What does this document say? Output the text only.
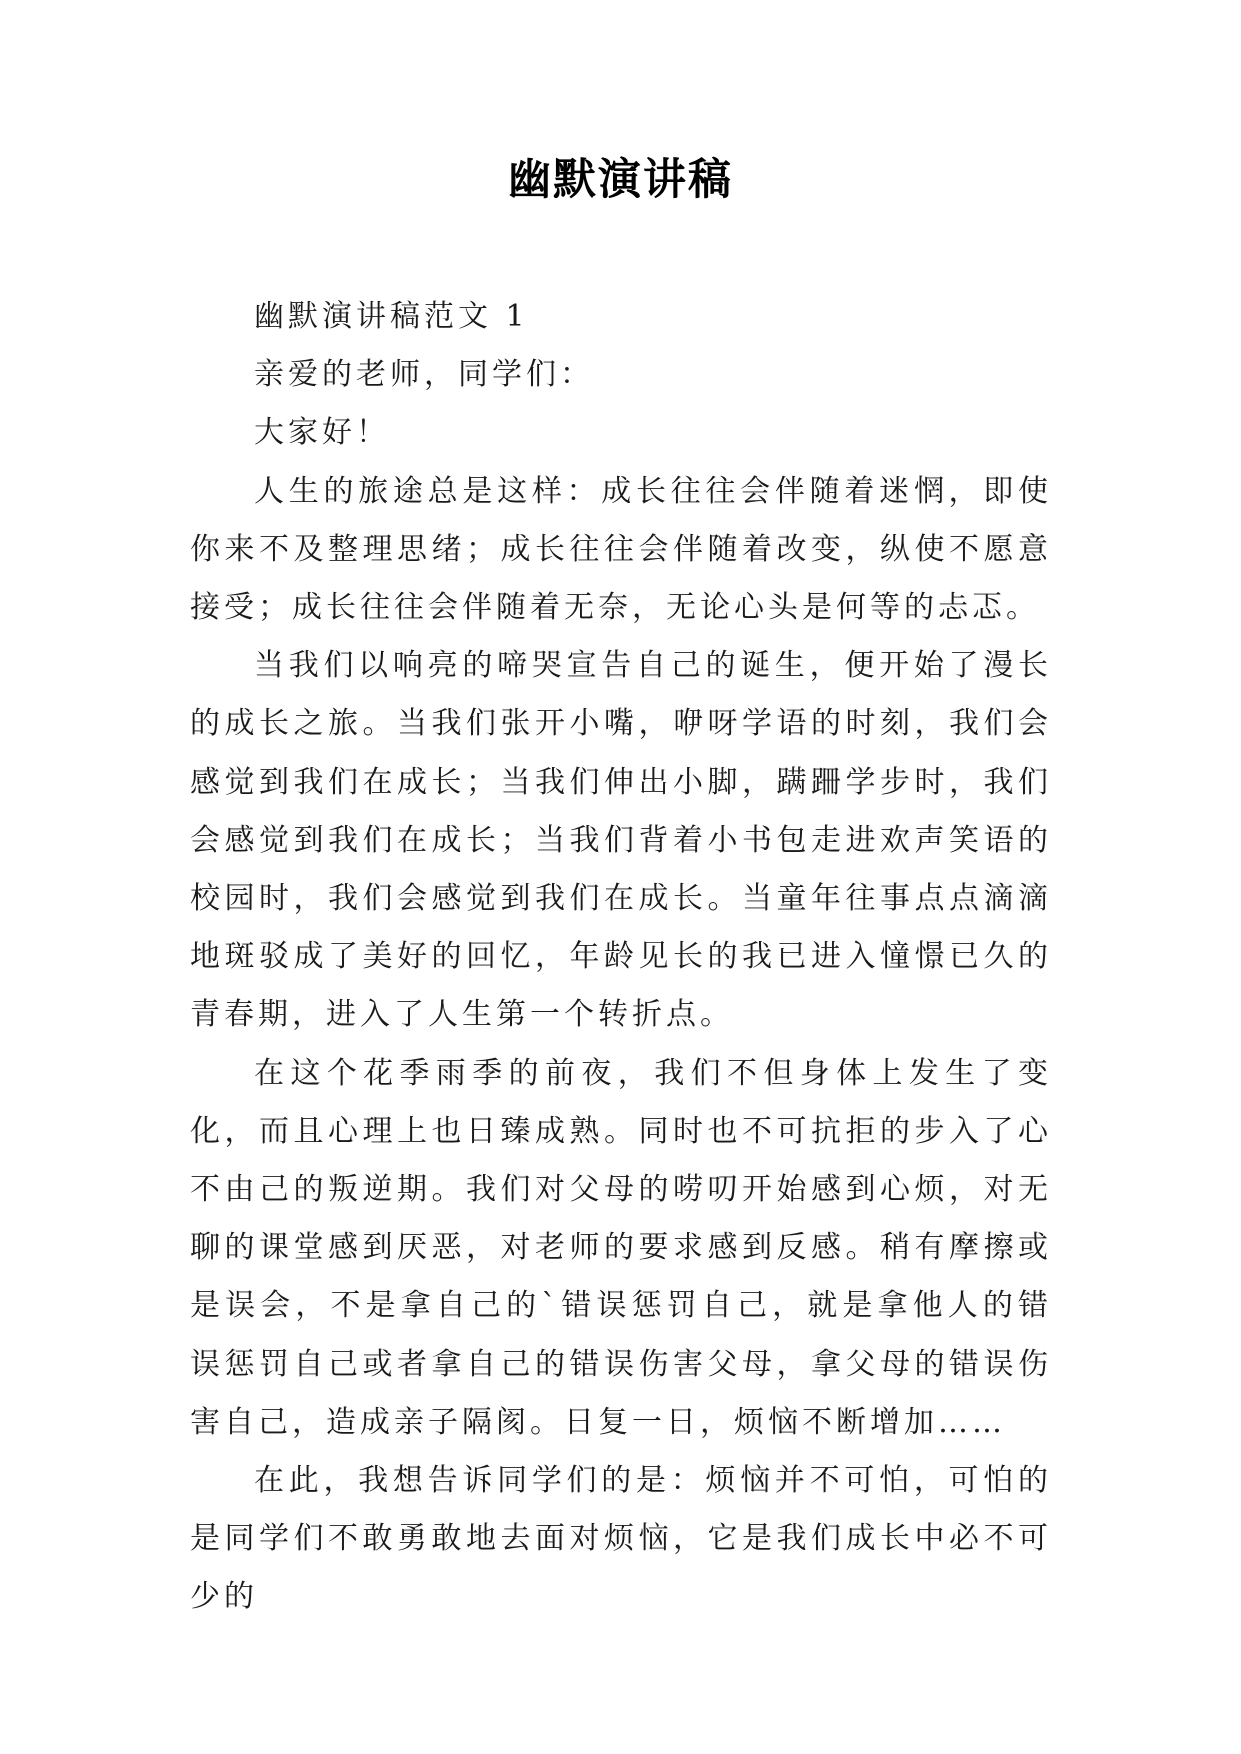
幽默演讲稿

幽默演讲稿范文 1

亲爱的老师，同学们：

大家好！

人生的旅途总是这样：成长往往会伴随着迷惘，即使你来不及整理思绪；成长往往会伴随着改变，纵使不愿意接受；成长往往会伴随着无奈，无论心头是何等的忐忑。

当我们以响亮的啼哭宣告自己的诞生，便开始了漫长的成长之旅。当我们张开小嘴，咿呀学语的时刻，我们会感觉到我们在成长；当我们伸出小脚，蹒跚学步时，我们会感觉到我们在成长；当我们背着小书包走进欢声笑语的校园时，我们会感觉到我们在成长。当童年往事点点滴滴地斑驳成了美好的回忆，年龄见长的我已进入憧憬已久的青春期，进入了人生第一个转折点。

在这个花季雨季的前夜，我们不但身体上发生了变化，而且心理上也日臻成熟。同时也不可抗拒的步入了心不由己的叛逆期。我们对父母的唠叨开始感到心烦，对无聊的课堂感到厌恶，对老师的要求感到反感。稍有摩擦或是误会，不是拿自己的`错误惩罚自己，就是拿他人的错误惩罚自己或者拿自己的错误伤害父母，拿父母的错误伤害自己，造成亲子隔阂。日复一日，烦恼不断增加……

在此，我想告诉同学们的是：烦恼并不可怕，可怕的是同学们不敢勇敢地去面对烦恼，它是我们成长中必不可少的
